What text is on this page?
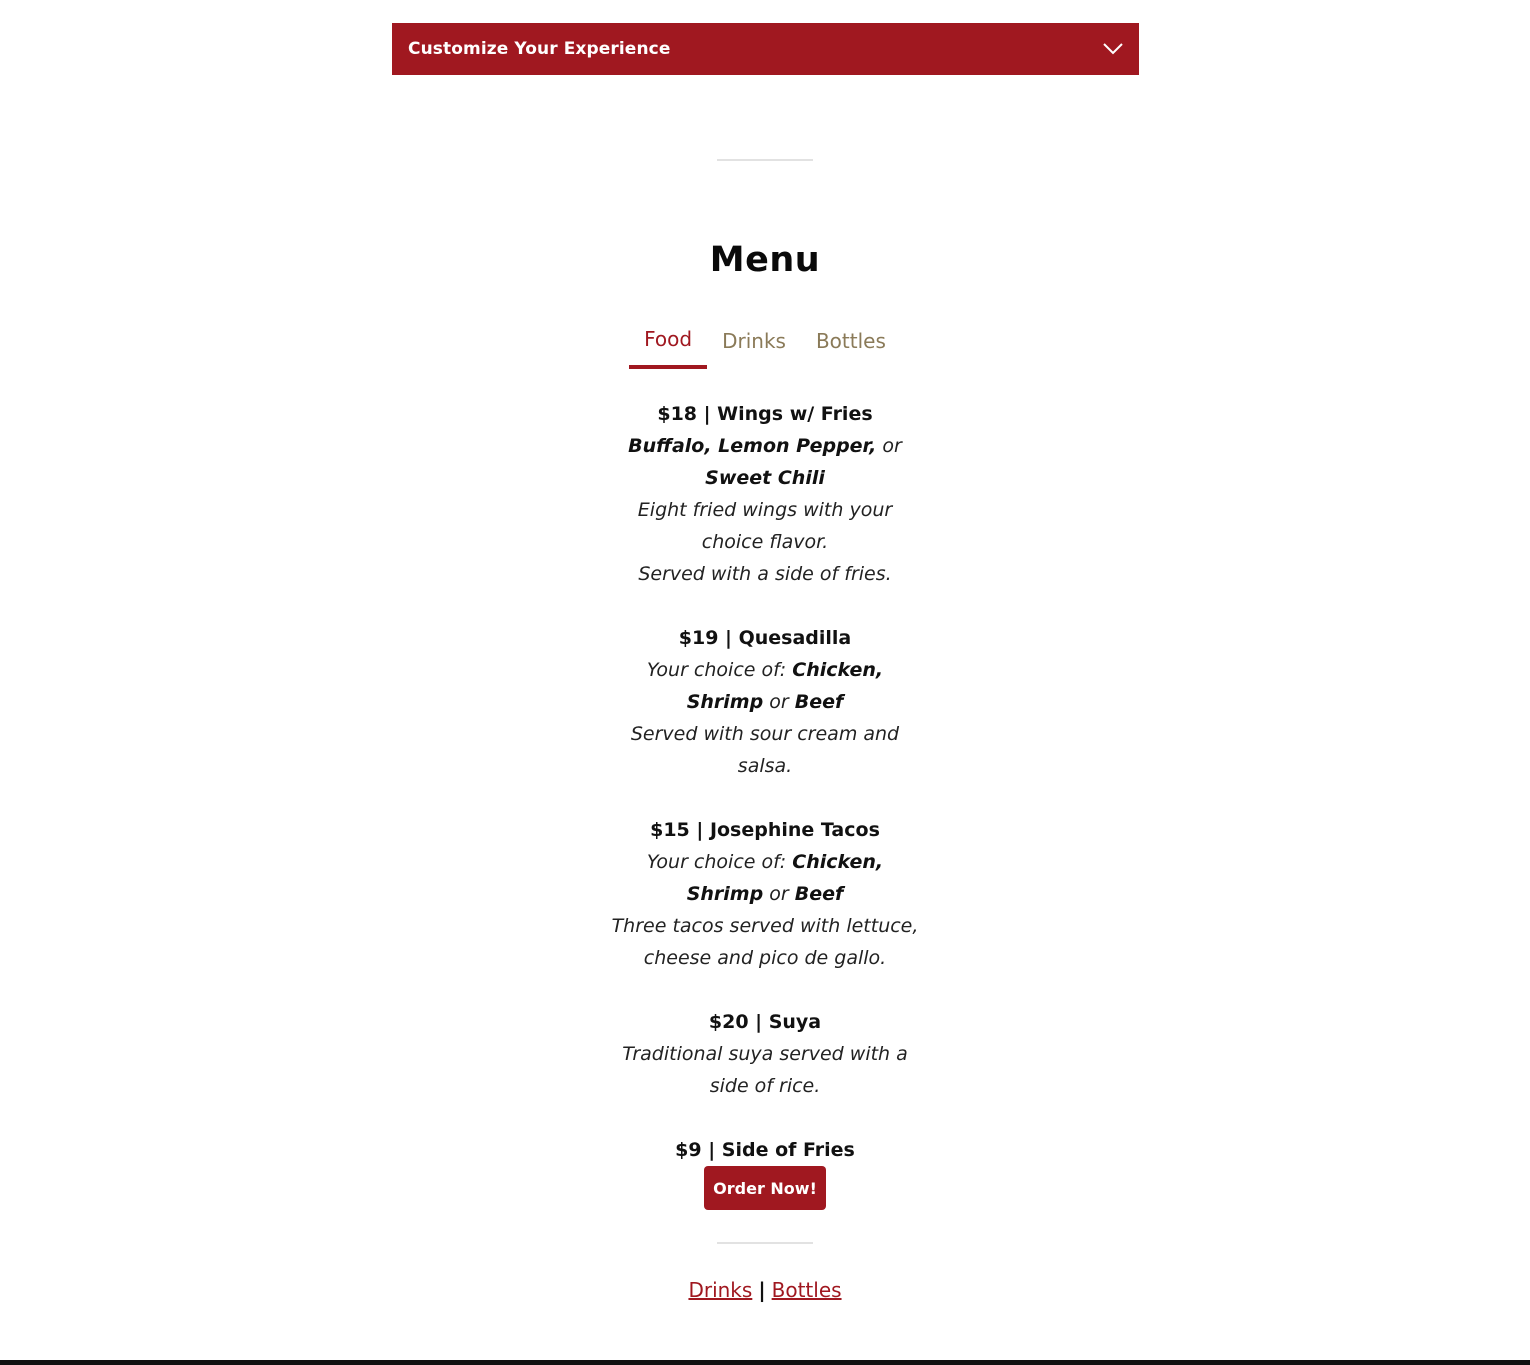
Customize Your Experience
Menu
Food	Drinks	Bottles
$18 | Wings w/ Fries
Buffalo, Lemon Pepper, or Sweet Chili
Eight fried wings with your choice flavor.
Served with a side of fries.
$19 | Quesadilla
Your choice of: Chicken, Shrimp or Beef
Served with sour cream and salsa.
$15 | Josephine Tacos
Your choice of: Chicken, Shrimp or Beef
Three tacos served with lettuce, cheese and pico de gallo.
$20 | Suya
Traditional suya served with a side of rice.
$9 | Side of Fries
Order Now!
Drinks | Bottles
